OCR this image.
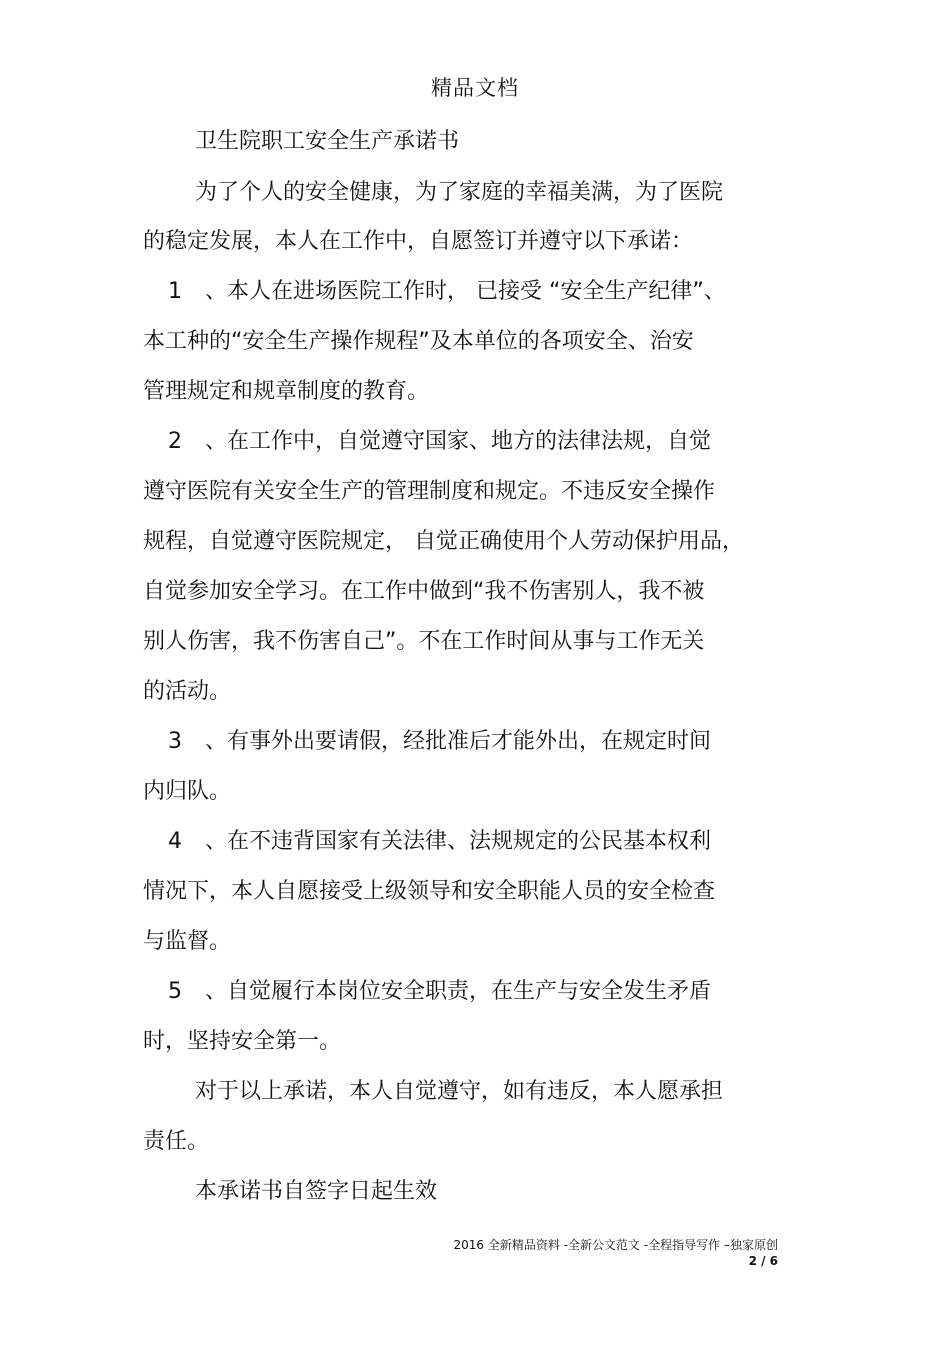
精品文档
卫生院职工安全生产承诺书
为了个人的安全健康，为了家庭的幸福美满，为了医院
的稳定发展，本人在工作中，自愿签订并遵守以下承诺：
1 、本人在进场医院工作时， 已接受 “安全生产纪律”、
本工种的“安全生产操作规程”及本单位的各项安全、治安
管理规定和规章制度的教育。
2 、在工作中，自觉遵守国家、地方的法律法规，自觉
遵守医院有关安全生产的管理制度和规定。不违反安全操作
规程，自觉遵守医院规定， 自觉正确使用个人劳动保护用品，
自觉参加安全学习。在工作中做到“我不伤害别人，我不被
别人伤害，我不伤害自己”。不在工作时间从事与工作无关
的活动。
3 、有事外出要请假，经批准后才能外出，在规定时间
内归队。
4 、在不违背国家有关法律、法规规定的公民基本权利
情况下，本人自愿接受上级领导和安全职能人员的安全检查
与监督。
5 、自觉履行本岗位安全职责，在生产与安全发生矛盾
时，坚持安全第一。
对于以上承诺，本人自觉遵守，如有违反，本人愿承担
责任。
本承诺书自签字日起生效
2016 全新精品资料 -全新公文范文 -全程指导写作 –独家原创
2 / 6
